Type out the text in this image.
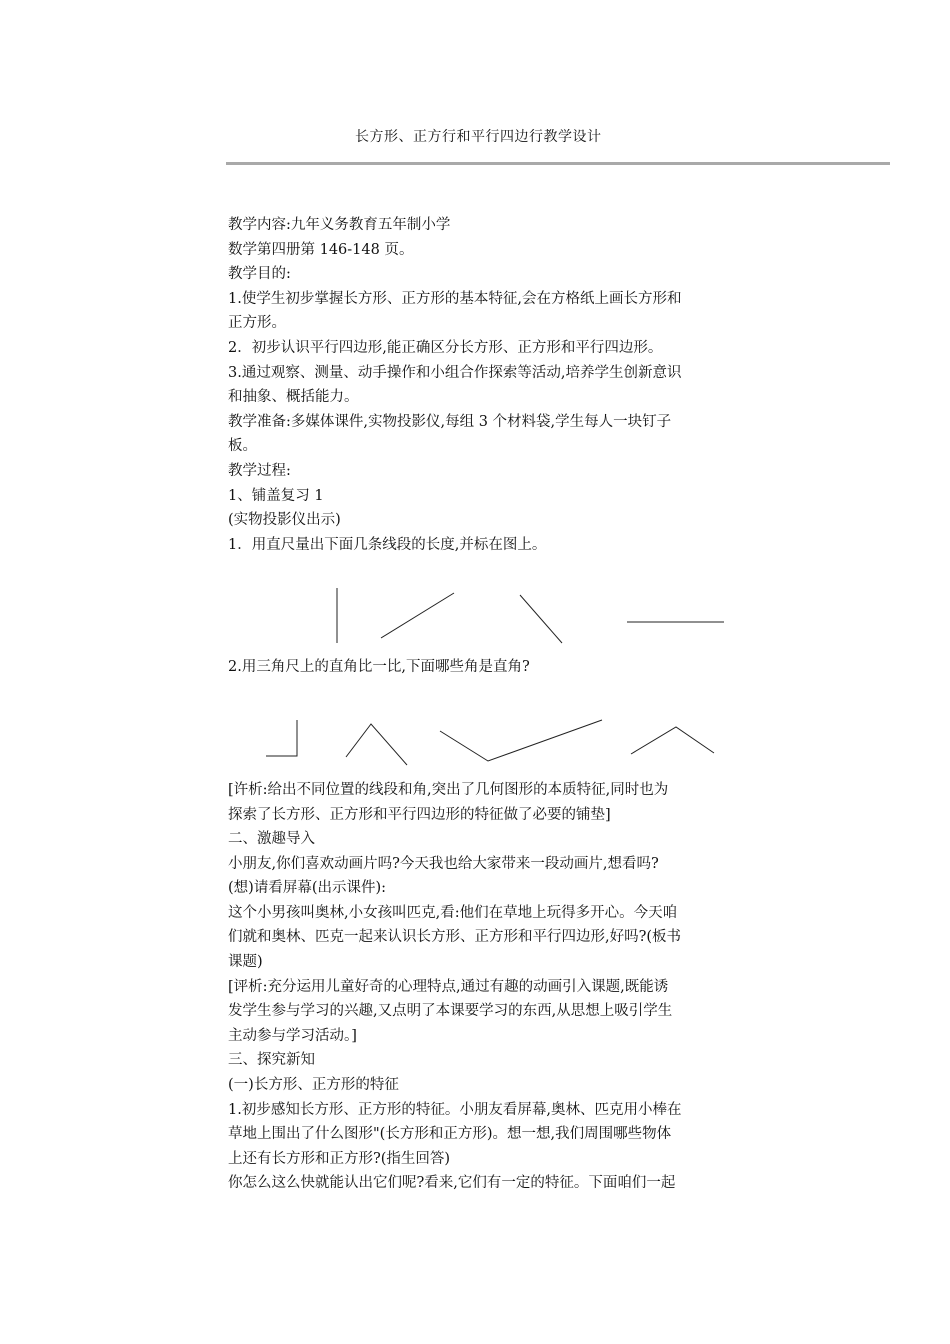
长方形、正方行和平行四边行教学设计

教学内容:九年义务教育五年制小学

数学第四册第 146-148 页。

教学目的:

1.使学生初步掌握长方形、正方形的基本特征,会在方格纸上画长方形和

正方形。

2．初步认识平行四边形,能正确区分长方形、正方形和平行四边形。

3.通过观察、测量、动手操作和小组合作探索等活动,培养学生创新意识

和抽象、概括能力。

教学准备:多媒体课件,实物投影仪,每组 3 个材料袋,学生每人一块钉子

板。

教学过程:

1、铺盖复习 1

(实物投影仪出示)

1．用直尺量出下面几条线段的长度,并标在图上。

2.用三角尺上的直角比一比,下面哪些角是直角?

[许析:给出不同位置的线段和角,突出了几何图形的本质特征,同时也为

探索了长方形、正方形和平行四边形的特征做了必要的铺垫]

二、激趣导入

小朋友,你们喜欢动画片吗?今天我也给大家带来一段动画片,想看吗?

(想)请看屏幕(出示课件):

这个小男孩叫奥林,小女孩叫匹克,看:他们在草地上玩得多开心。今天咱

们就和奥林、匹克一起来认识长方形、正方形和平行四边形,好吗?(板书

课题)

[评析:充分运用儿童好奇的心理特点,通过有趣的动画引入课题,既能诱

发学生参与学习的兴趣,又点明了本课要学习的东西,从思想上吸引学生

主动参与学习活动。]

三、探究新知

(一)长方形、正方形的特征

1.初步感知长方形、正方形的特征。小朋友看屏幕,奥林、匹克用小棒在

草地上围出了什么图形"(长方形和正方形)。想一想,我们周围哪些物体

上还有长方形和正方形?(指生回答)

你怎么这么快就能认出它们呢?看来,它们有一定的特征。下面咱们一起
